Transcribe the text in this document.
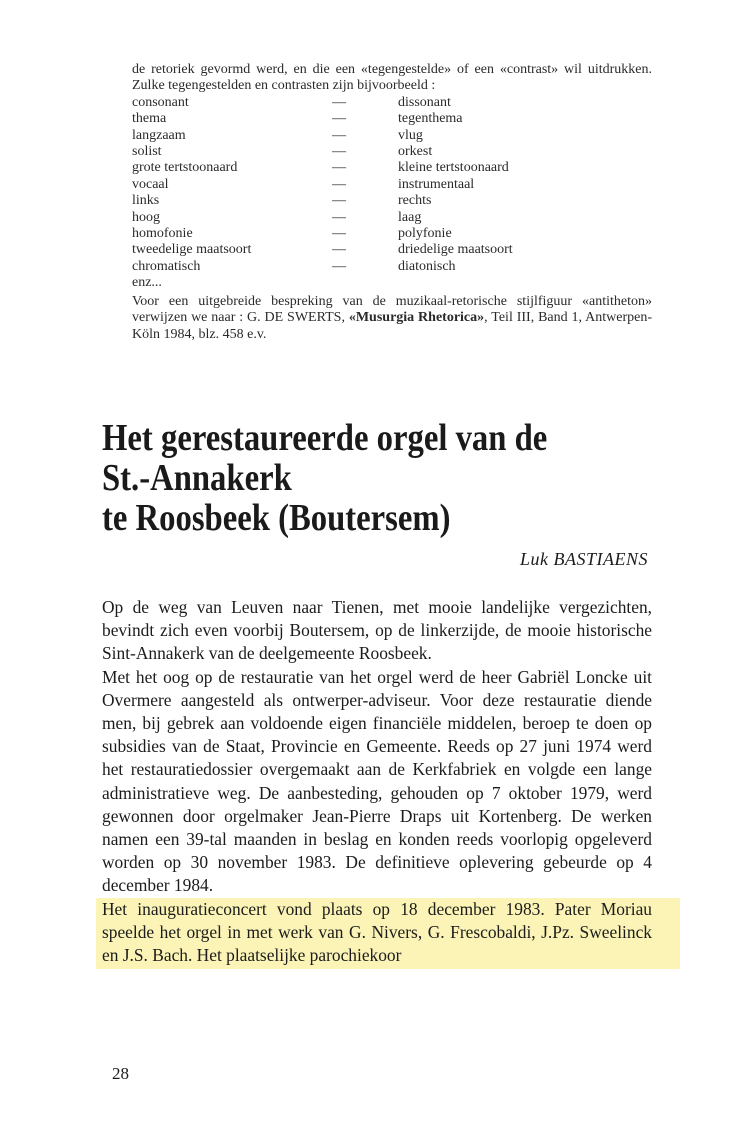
de retoriek gevormd werd, en die een «tegengestelde» of een «contrast» wil uitdrukken. Zulke tegengestelden en contrasten zijn bijvoorbeeld :

consonant	—	dissonant
thema	—	tegenthema
langzaam	—	vlug
solist	—	orkest
grote tertstoonaard	—	kleine tertstoonaard
vocaal	—	instrumentaal
links	—	rechts
hoog	—	laag
homofonie	—	polyfonie
tweedelige maatsoort	—	driedelige maatsoort
chromatisch	—	diatonisch

enz...

Voor een uitgebreide bespreking van de muzikaal-retorische stijlfiguur «antitheton» verwijzen we naar : G. DE SWERTS, «Musurgia Rhetorica», Teil III, Band 1, Antwerpen-Köln 1984, blz. 458 e.v.

Het gerestaureerde orgel van de
St.-Annakerk
te Roosbeek (Boutersem)
Luk BASTIAENS

Op de weg van Leuven naar Tienen, met mooie landelijke vergezichten, bevindt zich even voorbij Boutersem, op de linkerzijde, de mooie historische Sint-Annakerk van de deelgemeente Roosbeek.

Met het oog op de restauratie van het orgel werd de heer Gabriël Loncke uit Overmere aangesteld als ontwerper-adviseur. Voor deze restauratie diende men, bij gebrek aan voldoende eigen financiële middelen, beroep te doen op subsidies van de Staat, Provincie en Gemeente. Reeds op 27 juni 1974 werd het restauratiedossier overgemaakt aan de Kerkfabriek en volgde een lange administratieve weg. De aanbesteding, gehouden op 7 oktober 1979, werd gewonnen door orgelmaker Jean-Pierre Draps uit Kortenberg. De werken namen een 39-tal maanden in beslag en konden reeds voorlopig opgeleverd worden op 30 november 1983. De definitieve oplevering gebeurde op 4 december 1984.

Het inauguratieconcert vond plaats op 18 december 1983. Pater Moriau speelde het orgel in met werk van G. Nivers, G. Frescobaldi, J.Pz. Sweelinck en J.S. Bach. Het plaatselijke parochiekoor

28
